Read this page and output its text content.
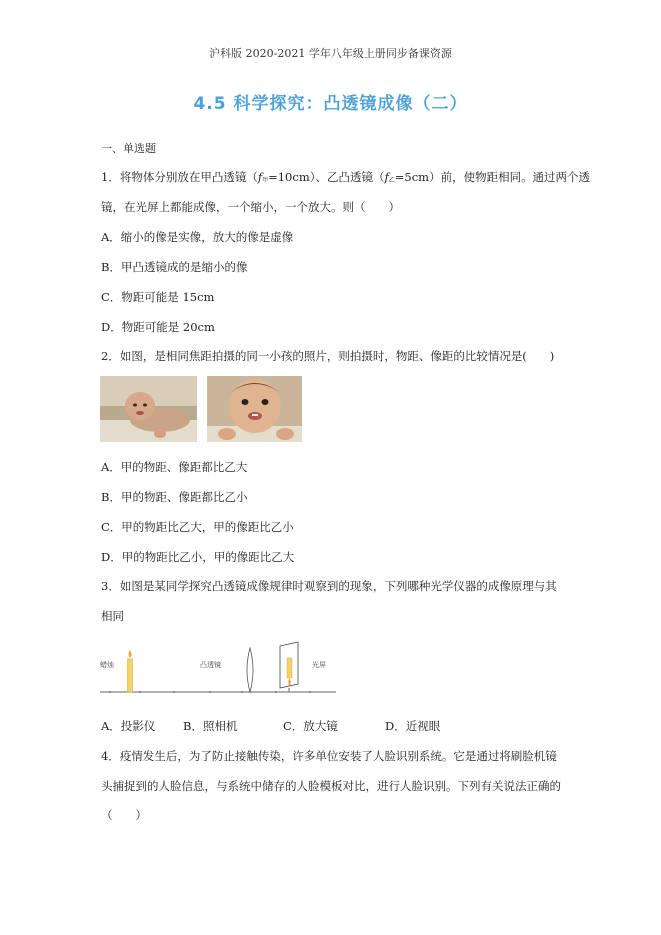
沪科版 2020-2021 学年八年级上册同步备课资源
4.5 科学探究：凸透镜成像（二）
一、单选题
1．将物体分别放在甲凸透镜$(f_甲=10cm)$、乙凸透镜$(f_乙=5cm)$前，使物距相同。通过两个透
镜，在光屏上都能成像，一个缩小，一个放大。则（　　）
A．缩小的像是实像，放大的像是虚像
B．甲凸透镜成的是缩小的像
C．物距可能是 15cm
D．物距可能是 20cm
2．如图，是相同焦距拍摄的同一小孩的照片，则拍摄时，物距、像距的比较情况是(　　)
A．甲的物距、像距都比乙大
B．甲的物距、像距都比乙小
C．甲的物距比乙大，甲的像距比乙小
D．甲的物距比乙小，甲的像距比乙大
3．如图是某同学探究凸透镜成像规律时观察到的现象，下列哪种光学仪器的成像原理与其
相同
蜡烛	凸透镜	光屏
A．投影仪 B．照相机	C．放大镜	D．近视眼
4．疫情发生后，为了防止接触传染，许多单位安装了人脸识别系统。它是通过将刷脸机镜
头捕捉到的人脸信息，与系统中储存的人脸模板对比，进行人脸识别。下列有关说法正确的
（　　）
